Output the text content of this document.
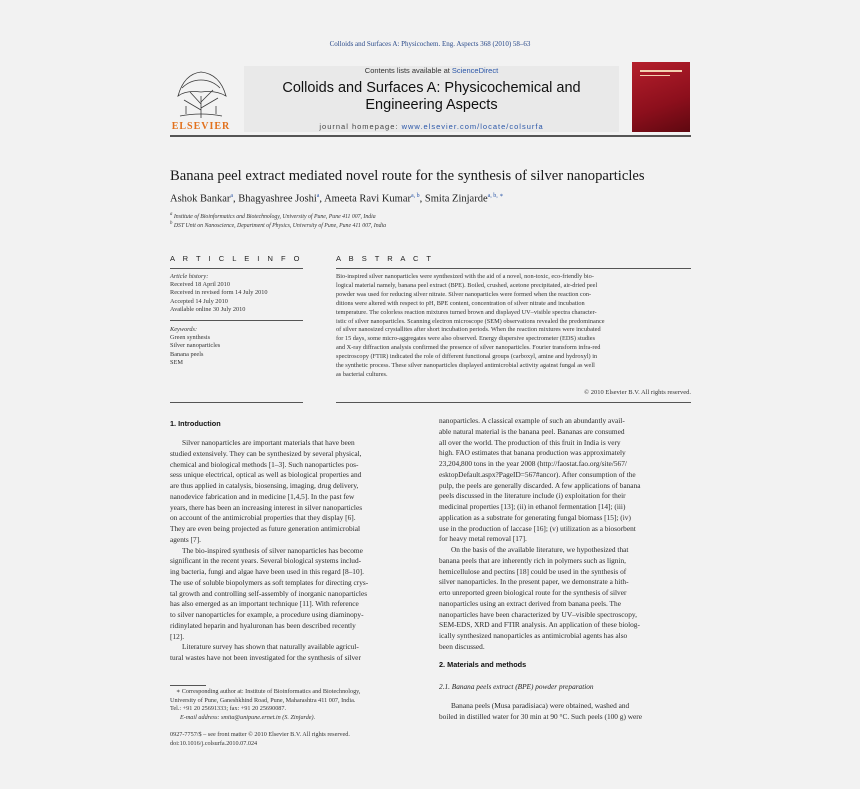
Colloids and Surfaces A: Physicochem. Eng. Aspects 368 (2010) 58–63
ELSEVIER
Contents lists available at ScienceDirect
Colloids and Surfaces A: Physicochemical and
Engineering Aspects
journal homepage: www.elsevier.com/locate/colsurfa
Banana peel extract mediated novel route for the synthesis of silver nanoparticles
Ashok Bankar$^a$, Bhagyashree Joshi$^a$, Ameeta Ravi Kumar$^{a, b}$, Smita Zinjarde$^{a, b, ∗}$
$^a$ Institute of Bioinformatics and Biotechnology, University of Pune, Pune 411 007, India
$^b$ DST Unit on Nanoscience, Department of Physics, University of Pune, Pune 411 007, India
A R T I C L E I N F O
Article history:
Received 18 April 2010
Received in revised form 14 July 2010
Accepted 14 July 2010
Available online 30 July 2010
Keywords:
Green synthesis
Silver nanoparticles
Banana peels
SEM
A B S T R A C T
Bio-inspired silver nanoparticles were synthesized with the aid of a novel, non-toxic, eco-friendly bio-
logical material namely, banana peel extract (BPE). Boiled, crushed, acetone precipitated, air-dried peel
powder was used for reducing silver nitrate. Silver nanoparticles were formed when the reaction con-
ditions were altered with respect to pH, BPE content, concentration of silver nitrate and incubation
temperature. The colorless reaction mixtures turned brown and displayed UV–visible spectra character-
istic of silver nanoparticles. Scanning electron microscope (SEM) observations revealed the predominance
of silver nanosized crystallites after short incubation periods. When the reaction mixtures were incubated
for 15 days, some micro-aggregates were also observed. Energy dispersive spectrometer (EDS) studies
and X-ray diffraction analysis confirmed the presence of silver nanoparticles. Fourier transform infra-red
spectroscopy (FTIR) indicated the role of different functional groups (carboxyl, amine and hydroxyl) in
the synthetic process. These silver nanoparticles displayed antimicrobial activity against fungal as well
as bacterial cultures.
© 2010 Elsevier B.V. All rights reserved.
1. Introduction

Silver nanoparticles are important materials that have been

studied extensively. They can be synthesized by several physical,

chemical and biological methods [1–3]. Such nanoparticles pos-

sess unique electrical, optical as well as biological properties and

are thus applied in catalysis, biosensing, imaging, drug delivery,

nanodevice fabrication and in medicine [1,4,5]. In the past few

years, there has been an increasing interest in silver nanoparticles

on account of the antimicrobial properties that they display [6].

They are even being projected as future generation antimicrobial

agents [7].

The bio-inspired synthesis of silver nanoparticles has become

significant in the recent years. Several biological systems includ-

ing bacteria, fungi and algae have been used in this regard [8–10].

The use of soluble biopolymers as soft templates for directing crys-

tal growth and controlling self-assembly of inorganic nanoparticles

has also emerged as an important technique [11]. With reference

to silver nanoparticles for example, a procedure using diaminopy-

ridinylated heparin and hyaluronan has been described recently

[12].

Literature survey has shown that naturally available agricul-

tural wastes have not been investigated for the synthesis of silver

nanoparticles. A classical example of such an abundantly avail-

able natural material is the banana peel. Bananas are consumed

all over the world. The production of this fruit in India is very

high. FAO estimates that banana production was approximately

23,204,800 tons in the year 2008 (http://faostat.fao.org/site/567/

esktopDefault.aspx?PageID=567#ancor). After consumption of the

pulp, the peels are generally discarded. A few applications of banana

peels discussed in the literature include (i) exploitation for their

medicinal properties [13]; (ii) in ethanol fermentation [14]; (iii)

application as a substrate for generating fungal biomass [15]; (iv)

use in the production of laccase [16]; (v) utilization as a biosorbent

for heavy metal removal [17].

On the basis of the available literature, we hypothesized that

banana peels that are inherently rich in polymers such as lignin,

hemicellulose and pectins [18] could be used in the synthesis of

silver nanoparticles. In the present paper, we demonstrate a hith-

erto unreported green biological route for the synthesis of silver

nanoparticles using an extract derived from banana peels. The

nanoparticles have been characterized by UV–visible spectroscopy,

SEM-EDS, XRD and FTIR analysis. An application of these biolog-

ically synthesized nanoparticles as antimicrobial agents has also

been discussed.

2. Materials and methods
2.1. Banana peels extract (BPE) powder preparation

Banana peels (Musa paradisiaca) were obtained, washed and

boiled in distilled water for 30 min at 90 °C. Such peels (100 g) were

∗ Corresponding author at: Institute of Bioinformatics and Biotechnology,
University of Pune, Ganeshkhind Road, Pune, Maharashtra 411 007, India.
Tel.: +91 20 25691333; fax: +91 20 25690087.
E-mail address: smita@unipune.ernet.in (S. Zinjarde).
0927-7757/$ – see front matter © 2010 Elsevier B.V. All rights reserved.
doi:10.1016/j.colsurfa.2010.07.024
